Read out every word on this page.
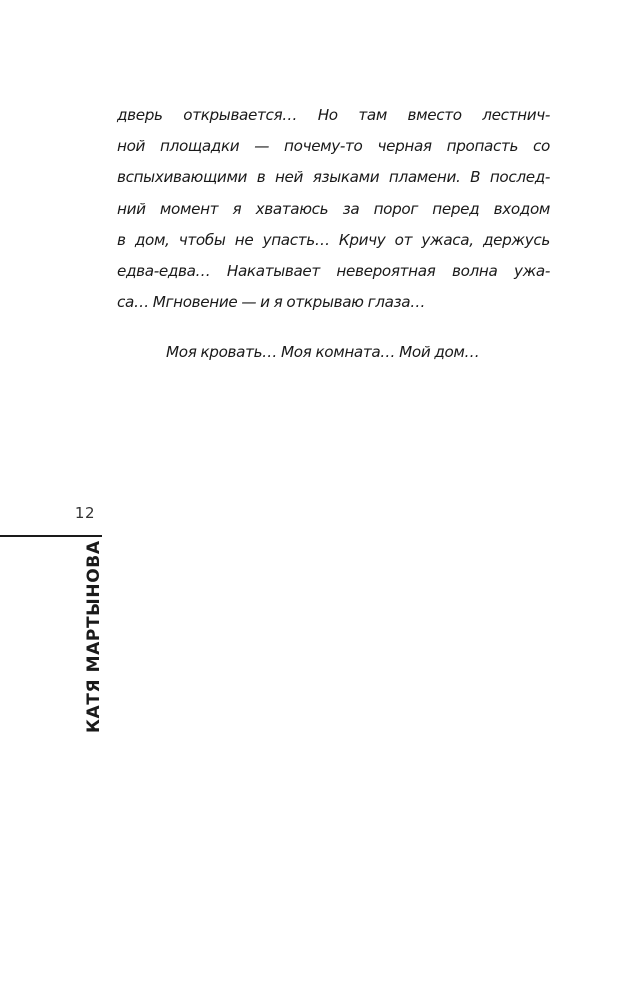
дверь открывается… Но там вместо лестнич-
ной площадки — почему-то черная пропасть со
вспыхивающими в ней языками пламени. В послед-
ний момент я хватаюсь за порог перед входом
в дом, чтобы не упасть… Кричу от ужаса, держусь
едва-едва… Накатывает невероятная волна ужа-
са… Мгновение — и я открываю глаза…

Моя кровать… Моя комната… Мой дом…

12
КАТЯ МАРТЫНОВА
